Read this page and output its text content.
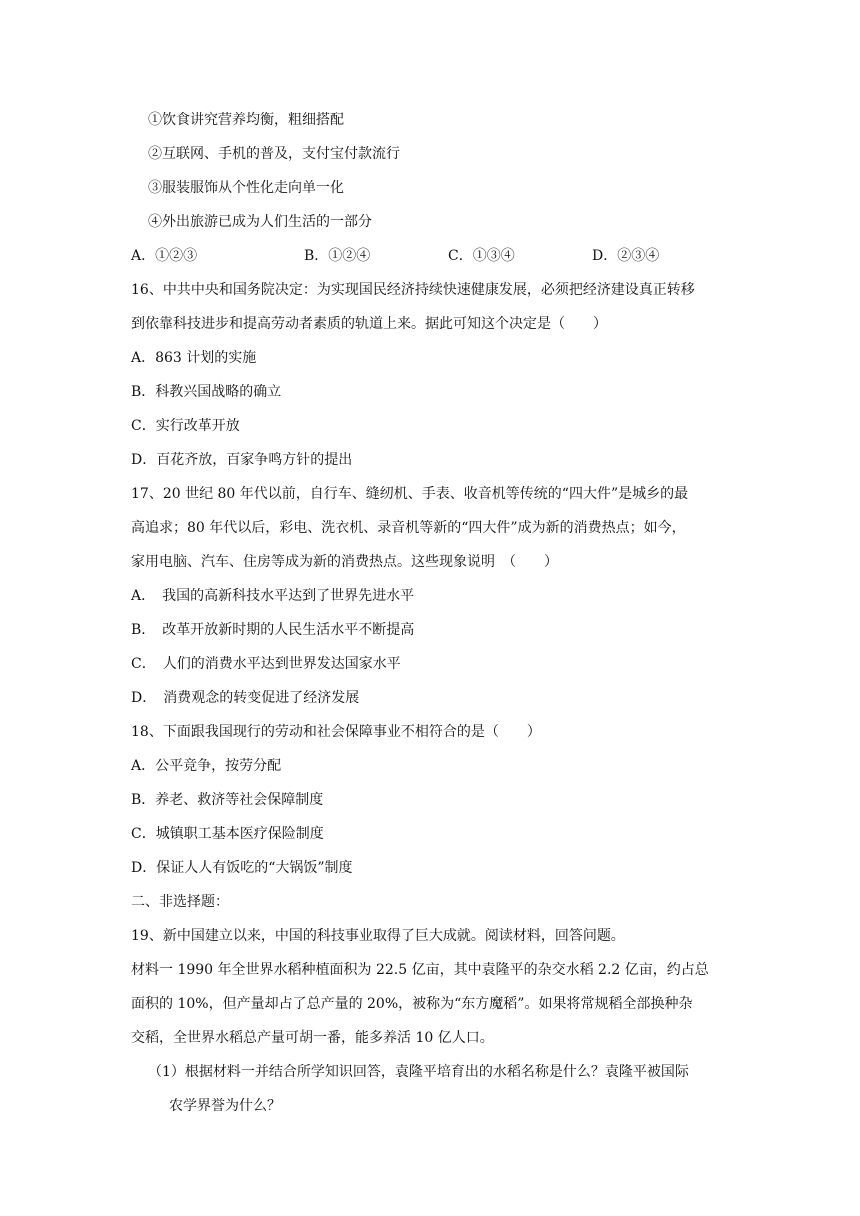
①饮食讲究营养均衡，粗细搭配
②互联网、手机的普及，支付宝付款流行
③服装服饰从个性化走向单一化
④外出旅游已成为人们生活的一部分
A．①②③	B．①②④	C．①③④	D．②③④
16、中共中央和国务院决定：为实现国民经济持续快速健康发展，必须把经济建设真正转移
到依靠科技进步和提高劳动者素质的轨道上来。据此可知这个决定是（　　）
A．863 计划的实施
B．科教兴国战略的确立
C．实行改革开放
D．百花齐放，百家争鸣方针的提出
17、20 世纪 80 年代以前，自行车、缝纫机、手表、收音机等传统的“四大件”是城乡的最
高追求；80 年代以后，彩电、洗衣机、录音机等新的“四大件”成为新的消费热点；如今，
家用电脑、汽车、住房等成为新的消费热点。这些现象说明　（　　）
A．　我国的高新科技水平达到了世界先进水平
B．　改革开放新时期的人民生活水平不断提高
C．　人们的消费水平达到世界发达国家水平
D．　消费观念的转变促进了经济发展
18、下面跟我国现行的劳动和社会保障事业不相符合的是（　　）
A．公平竞争，按劳分配
B．养老、救济等社会保障制度
C．城镇职工基本医疗保险制度
D．保证人人有饭吃的“大锅饭”制度
二、非选择题：
19、新中国建立以来，中国的科技事业取得了巨大成就。阅读材料，回答问题。
材料一 1990 年全世界水稻种植面积为 22.5 亿亩，其中袁隆平的杂交水稻 2.2 亿亩，约占总
面积的 10%，但产量却占了总产量的 20%，被称为“东方魔稻”。如果将常规稻全部换种杂
交稻，全世界水稻总产量可胡一番，能多养活 10 亿人口。
（1）根据材料一并结合所学知识回答，袁隆平培育出的水稻名称是什么？袁隆平被国际
农学界誉为什么？
